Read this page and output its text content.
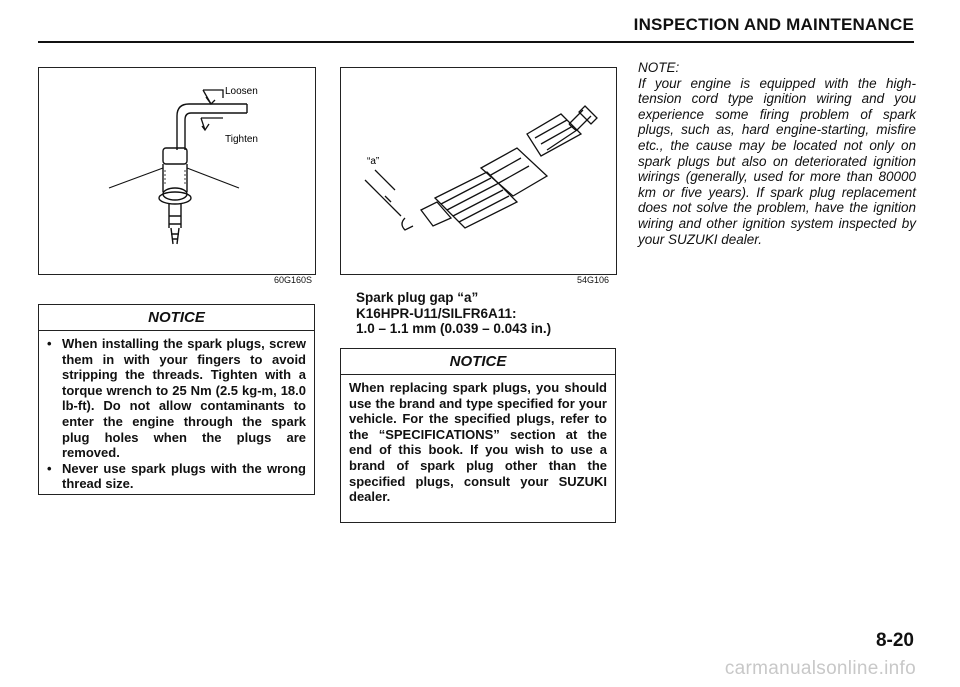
INSPECTION AND MAINTENANCE
Loosen
Tighten
60G160S
“a”
54G106
NOTICE
• When installing the spark plugs, screw them in with your fingers to avoid stripping the threads. Tighten with a torque wrench to 25 Nm (2.5 kg-m, 18.0 lb-ft). Do not allow contaminants to enter the engine through the spark plug holes when the plugs are removed.
• Never use spark plugs with the wrong thread size.
Spark plug gap “a”
K16HPR-U11/SILFR6A11:
1.0 – 1.1 mm (0.039 – 0.043 in.)
NOTICE
When replacing spark plugs, you should use the brand and type specified for your vehicle. For the specified plugs, refer to the “SPECIFICATIONS” section at the end of this book. If you wish to use a brand of spark plug other than the specified plugs, consult your SUZUKI dealer.
NOTE:
If your engine is equipped with the high-tension cord type ignition wiring and you experience some firing problem of spark plugs, such as, hard engine-starting, misfire etc., the cause may be located not only on spark plugs but also on deteriorated ignition wirings (generally, used for more than 80000 km or five years). If spark plug replacement does not solve the problem, have the ignition wiring and other ignition system inspected by your SUZUKI dealer.
8-20
carmanualsonline.info
